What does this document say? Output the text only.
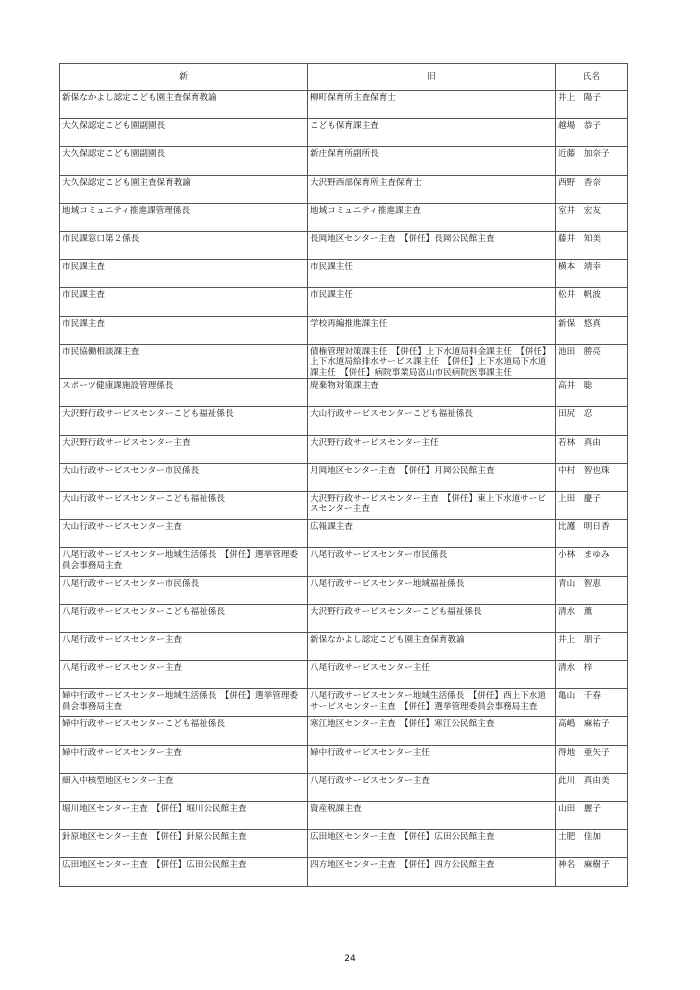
新	旧	氏名
新保なかよし認定こども園主査保育教諭	柳町保育所主査保育士	井上　陽子
大久保認定こども園副園長	こども保育課主査	越場　恭子
大久保認定こども園副園長	新庄保育所副所長	近藤　加奈子
大久保認定こども園主査保育教諭	大沢野西部保育所主査保育士	西野　香奈
地域コミュニティ推進課管理係長	地域コミュニティ推進課主査	室井　宏友
市民課窓口第２係長	長岡地区センター主査　【併任】長岡公民館主査	藤井　知美
市民課主査	市民課主任	横本　靖幸
市民課主査	市民課主任	松井　帆波
市民課主査	学校再編推進課主任	新保　悠真
市民協働相談課主査	債権管理対策課主任　【併任】上下水道局料金課主任　【併任】上下水道局給排水サービス課主任　【併任】上下水道局下水道課主任　【併任】病院事業局富山市民病院医事課主任	池田　勝亮
スポーツ健康課施設管理係長	廃棄物対策課主査	高井　聡
大沢野行政サービスセンターこども福祉係長	大山行政サービスセンターこども福祉係長	田尻　忍
大沢野行政サービスセンター主査	大沢野行政サービスセンター主任	若林　真由
大山行政サービスセンター市民係長	月岡地区センター主査　【併任】月岡公民館主査	中村　智也珠
大山行政サービスセンターこども福祉係長	大沢野行政サービスセンター主査　【併任】東上下水道サービスセンター主査	上田　慶子
大山行政サービスセンター主査	広報課主査	比護　明日香
八尾行政サービスセンター地域生活係長　【併任】選挙管理委員会事務局主査	八尾行政サービスセンター市民係長	小林　まゆみ
八尾行政サービスセンター市民係長	八尾行政サービスセンター地域福祉係長	青山　智恵
八尾行政サービスセンターこども福祉係長	大沢野行政サービスセンターこども福祉係長	清水　薫
八尾行政サービスセンター主査	新保なかよし認定こども園主査保育教諭	井上　朋子
八尾行政サービスセンター主査	八尾行政サービスセンター主任	清水　梓
婦中行政サービスセンター地域生活係長　【併任】選挙管理委員会事務局主査	八尾行政サービスセンター地域生活係長　【併任】西上下水道サービスセンター主査　【併任】選挙管理委員会事務局主査	亀山　千春
婦中行政サービスセンターこども福祉係長	寒江地区センター主査　【併任】寒江公民館主査	高嶋　麻祐子
婦中行政サービスセンター主査	婦中行政サービスセンター主任	得地　亜矢子
細入中核型地区センター主査	八尾行政サービスセンター主査	此川　真由美
堀川地区センター主査　【併任】堀川公民館主査	資産税課主査	山田　麗子
針原地区センター主査　【併任】針原公民館主査	広田地区センター主査　【併任】広田公民館主査	土肥　佳加
広田地区センター主査　【併任】広田公民館主査	四方地区センター主査　【併任】四方公民館主査	神名　麻樹子
24
